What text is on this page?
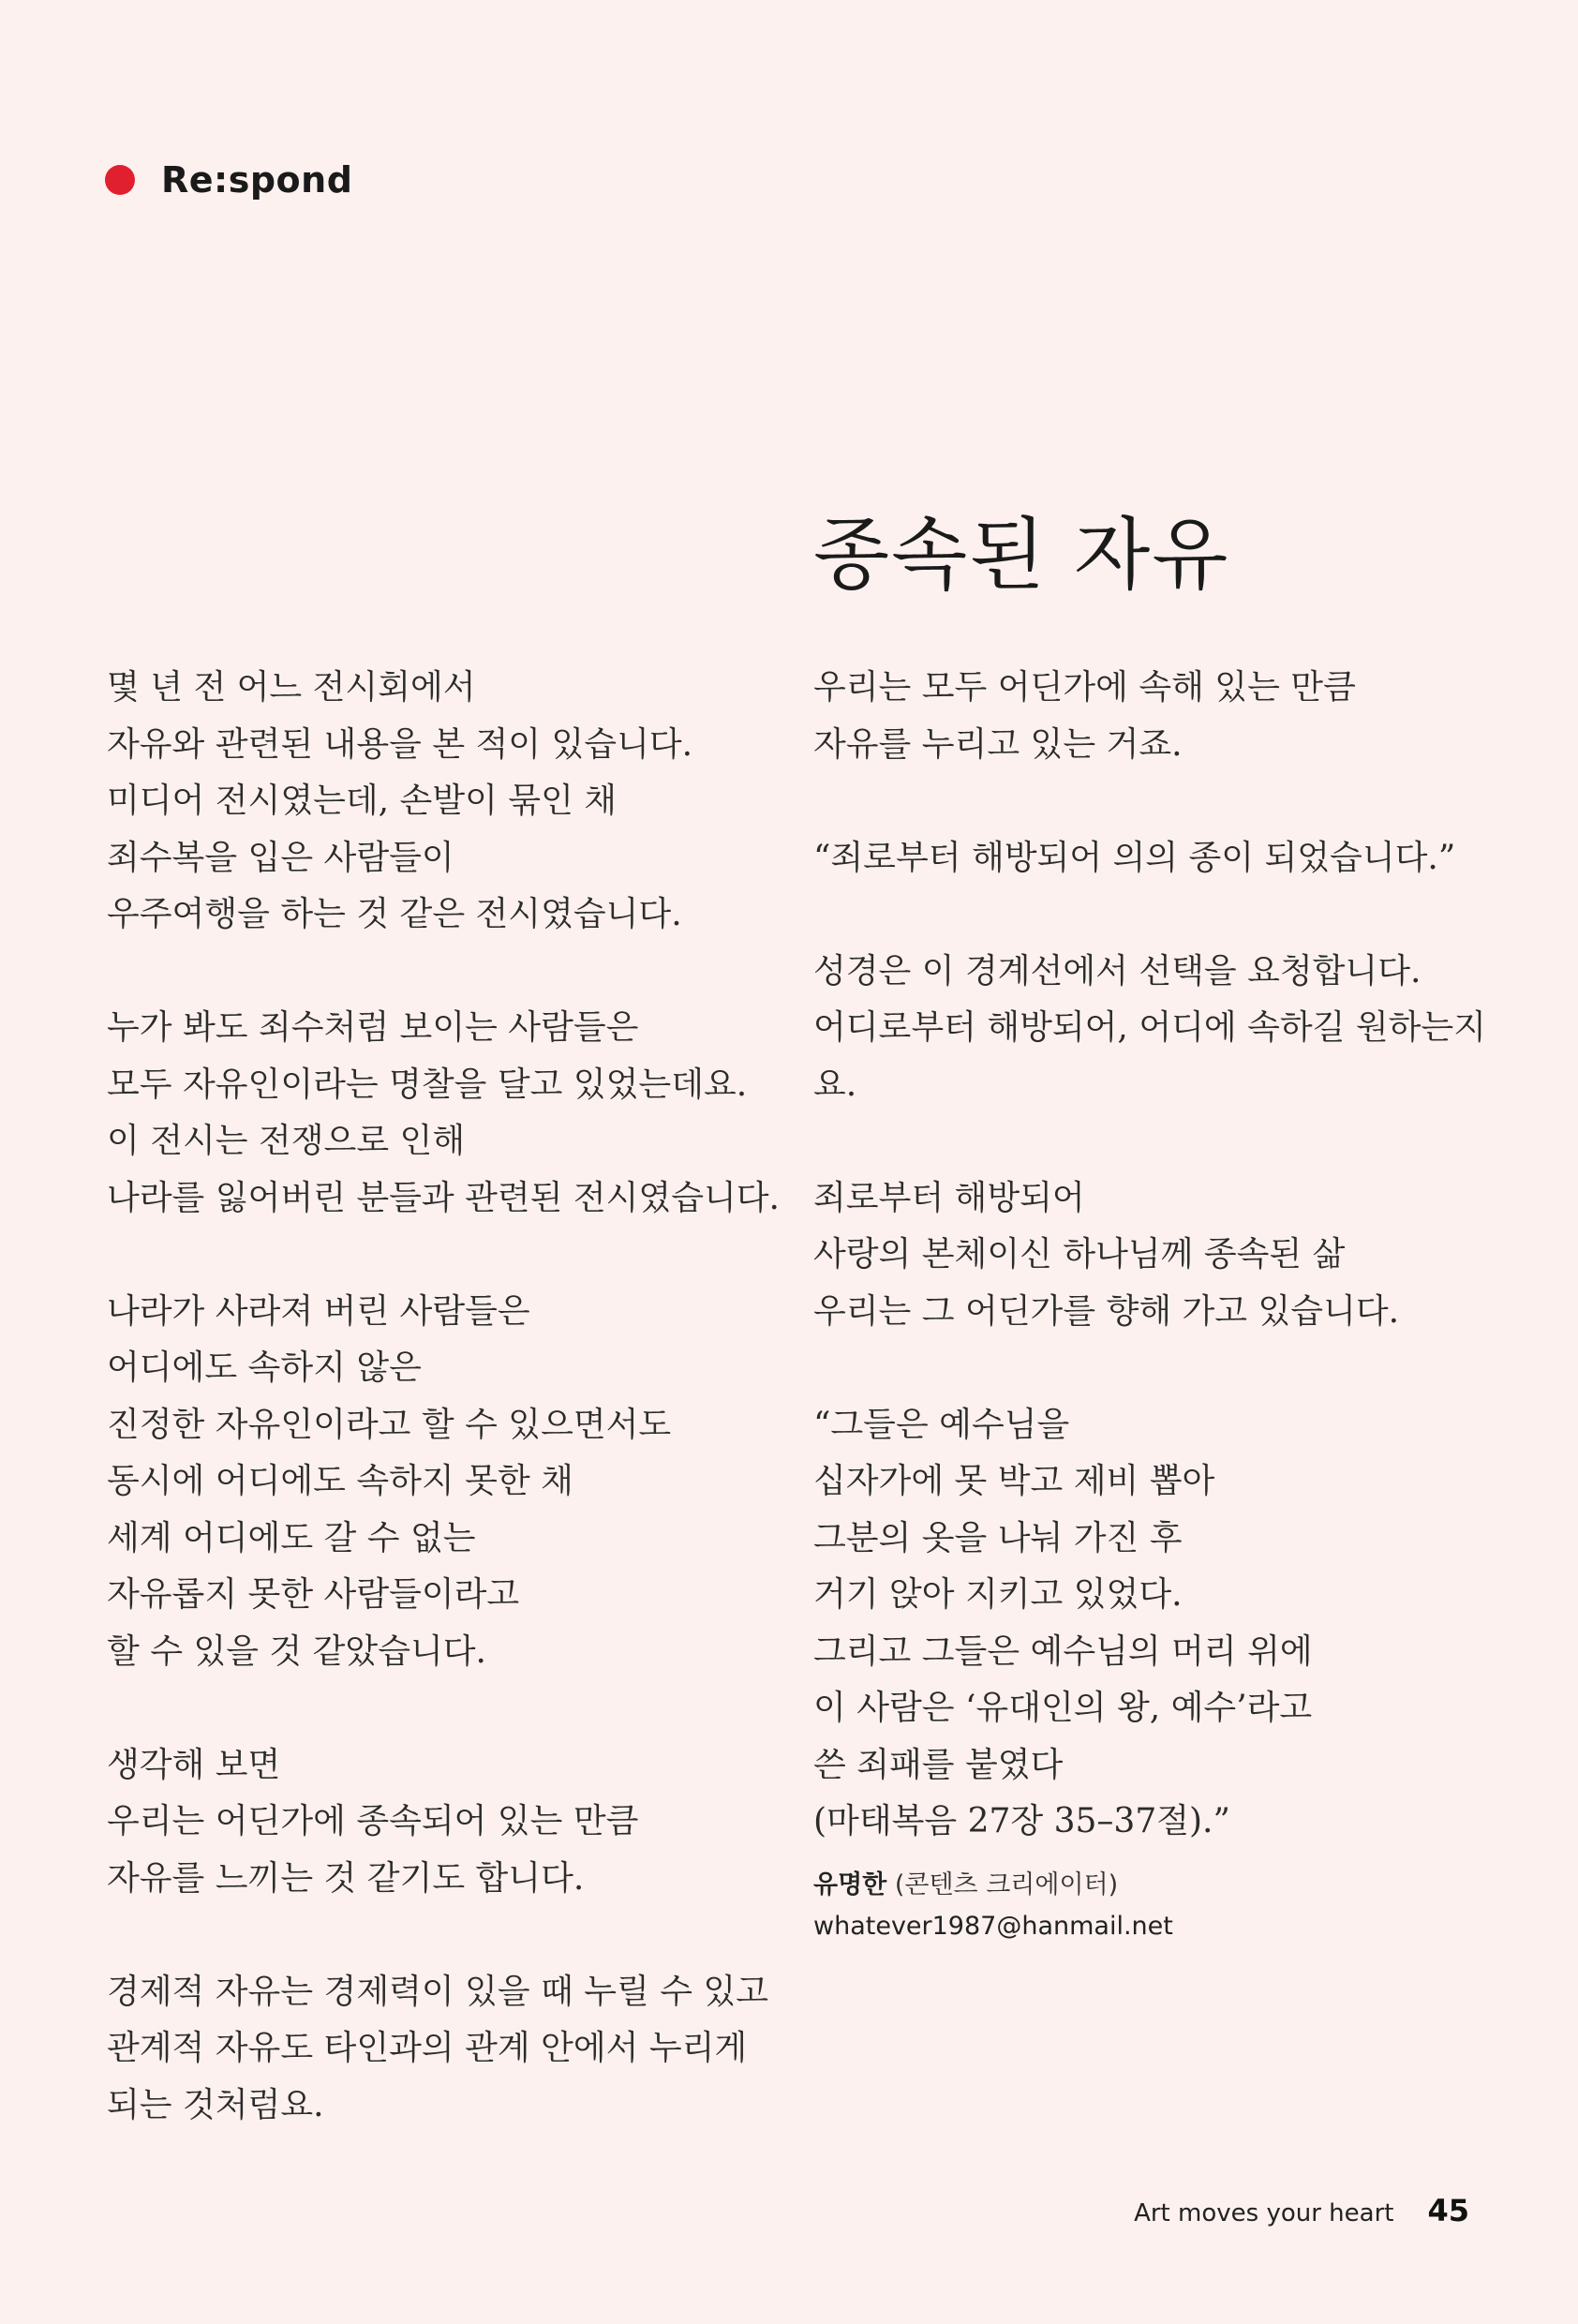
Re:spond
종속된 자유

몇 년 전 어느 전시회에서
자유와 관련된 내용을 본 적이 있습니다.
미디어 전시였는데, 손발이 묶인 채
죄수복을 입은 사람들이
우주여행을 하는 것 같은 전시였습니다.

누가 봐도 죄수처럼 보이는 사람들은
모두 자유인이라는 명찰을 달고 있었는데요.
이 전시는 전쟁으로 인해
나라를 잃어버린 분들과 관련된 전시였습니다.

나라가 사라져 버린 사람들은
어디에도 속하지 않은
진정한 자유인이라고 할 수 있으면서도
동시에 어디에도 속하지 못한 채
세계 어디에도 갈 수 없는
자유롭지 못한 사람들이라고
할 수 있을 것 같았습니다.

생각해 보면
우리는 어딘가에 종속되어 있는 만큼
자유를 느끼는 것 같기도 합니다.

경제적 자유는 경제력이 있을 때 누릴 수 있고
관계적 자유도 타인과의 관계 안에서 누리게
되는 것처럼요.

우리는 모두 어딘가에 속해 있는 만큼
자유를 누리고 있는 거죠.

“죄로부터 해방되어 의의 종이 되었습니다.”

성경은 이 경계선에서 선택을 요청합니다.
어디로부터 해방되어, 어디에 속하길 원하는지요.

죄로부터 해방되어
사랑의 본체이신 하나님께 종속된 삶
우리는 그 어딘가를 향해 가고 있습니다.

“그들은 예수님을
십자가에 못 박고 제비 뽑아
그분의 옷을 나눠 가진 후
거기 앉아 지키고 있었다.
그리고 그들은 예수님의 머리 위에
이 사람은 ‘유대인의 왕, 예수’라고
쓴 죄패를 붙였다
(마태복음 27장 35–37절).”

유명한 (콘텐츠 크리에이터)
whatever1987@hanmail.net
Art moves your heart 45
